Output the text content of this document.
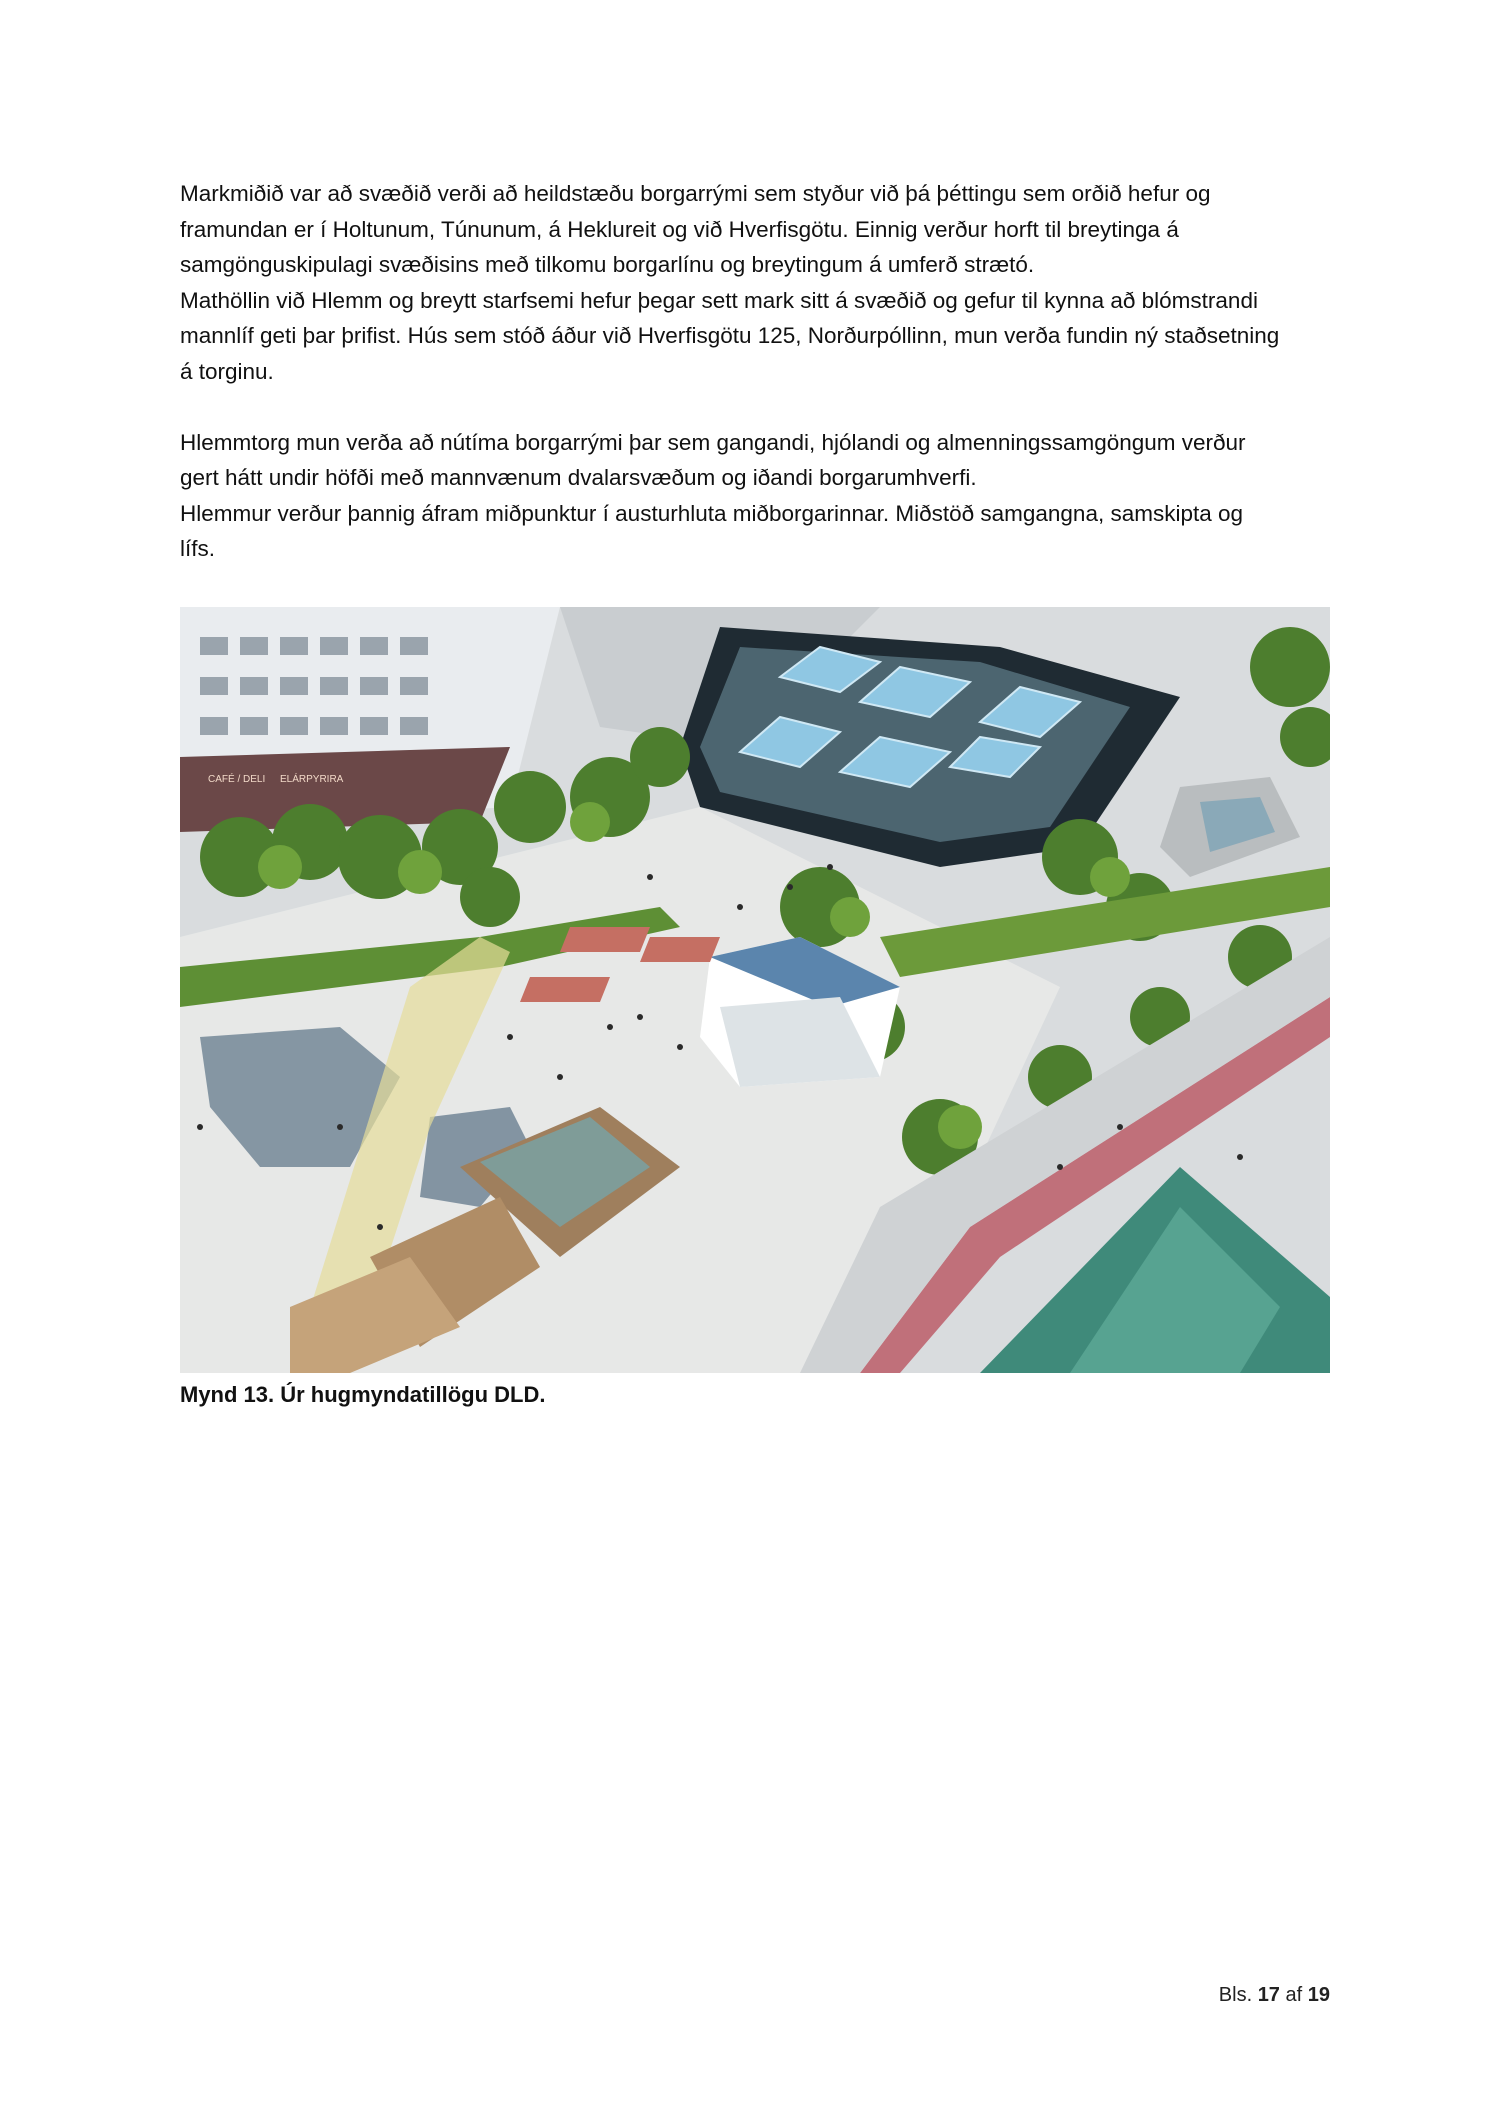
Markmiðið var að svæðið verði að heildstæðu borgarrými sem styður við þá þéttingu sem orðið hefur og
framundan er í Holtunum, Túnunum, á Heklureit og við Hverfisgötu. Einnig verður horft til breytinga á
samgönguskipulagi svæðisins með tilkomu borgarlínu og breytingum á umferð strætó.
Mathöllin við Hlemm og breytt starfsemi hefur þegar sett mark sitt á svæðið og gefur til kynna að blómstrandi
mannlíf geti þar þrifist. Hús sem stóð áður við Hverfisgötu 125, Norðurpóllinn, mun verða fundin ný staðsetning
á torginu.

Hlemmtorg mun verða að nútíma borgarrými þar sem gangandi, hjólandi og almenningssamgöngum verður
gert hátt undir höfði með mannvænum dvalarsvæðum og iðandi borgarumhverfi.
Hlemmur verður þannig áfram miðpunktur í austurhluta miðborgarinnar. Miðstöð samgangna, samskipta og
lífs.

CAFÉ / DELI ELÁRPYRIRA

Mynd 13. Úr hugmyndatillögu DLD.

Bls. 17 af 19
